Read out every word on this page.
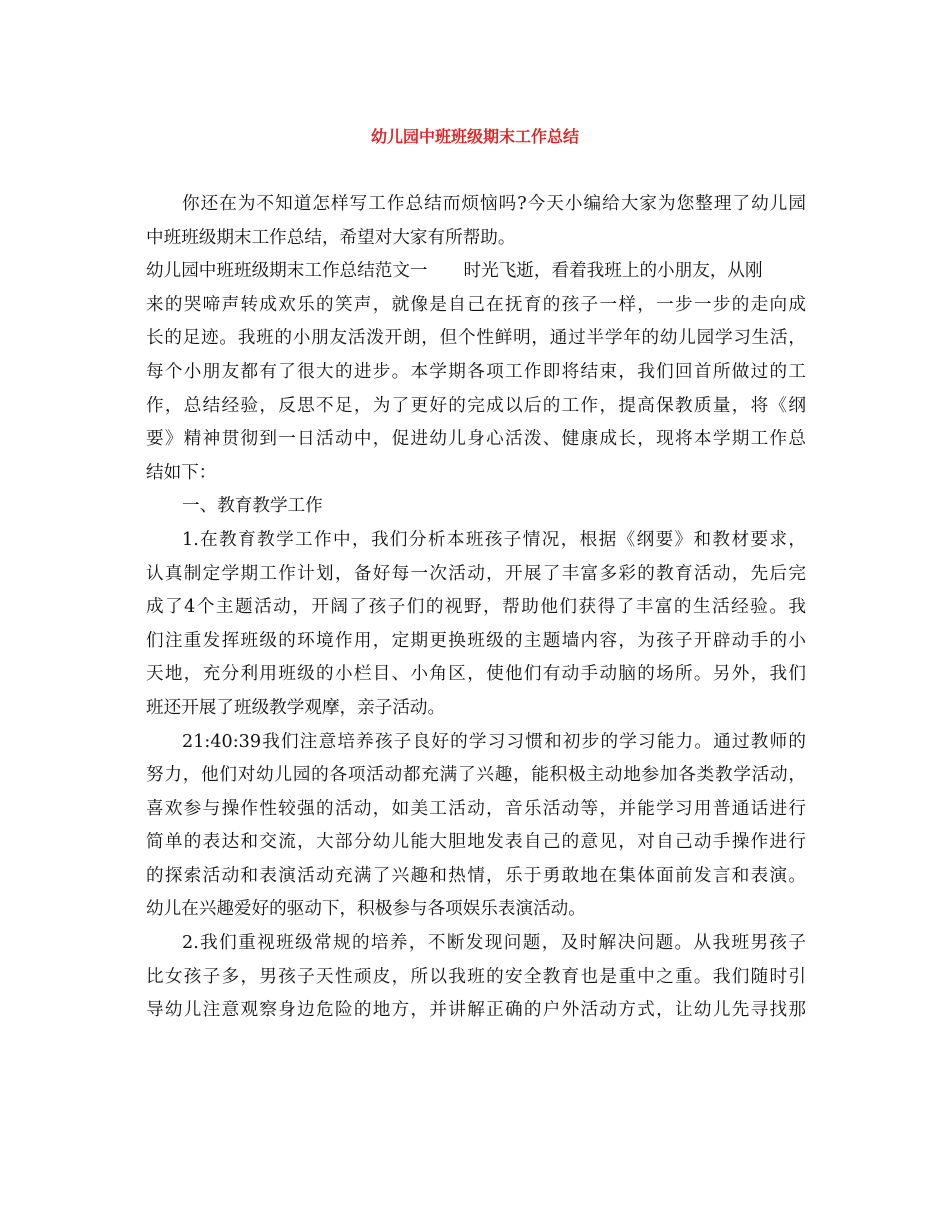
幼儿园中班班级期末工作总结
你还在为不知道怎样写工作总结而烦恼吗?今天小编给大家为您整理了幼儿园
中班班级期末工作总结，希望对大家有所帮助。
幼儿园中班班级期末工作总结范文一 时光飞逝，看着我班上的小朋友，从刚
来的哭啼声转成欢乐的笑声，就像是自己在抚育的孩子一样，一步一步的走向成
长的足迹。我班的小朋友活泼开朗，但个性鲜明，通过半学年的幼儿园学习生活，
每个小朋友都有了很大的进步。本学期各项工作即将结束，我们回首所做过的工
作，总结经验，反思不足，为了更好的完成以后的工作，提高保教质量，将《纲
要》精神贯彻到一日活动中，促进幼儿身心活泼、健康成长，现将本学期工作总
结如下：
一、教育教学工作
1.在教育教学工作中，我们分析本班孩子情况，根据《纲要》和教材要求，
认真制定学期工作计划，备好每一次活动，开展了丰富多彩的教育活动，先后完
成了4个主题活动，开阔了孩子们的视野，帮助他们获得了丰富的生活经验。我
们注重发挥班级的环境作用，定期更换班级的主题墙内容，为孩子开辟动手的小
天地，充分利用班级的小栏目、小角区，使他们有动手动脑的场所。另外，我们
班还开展了班级教学观摩，亲子活动。
21:40:39我们注意培养孩子良好的学习习惯和初步的学习能力。通过教师的
努力，他们对幼儿园的各项活动都充满了兴趣，能积极主动地参加各类教学活动，
喜欢参与操作性较强的活动，如美工活动，音乐活动等，并能学习用普通话进行
简单的表达和交流，大部分幼儿能大胆地发表自己的意见，对自己动手操作进行
的探索活动和表演活动充满了兴趣和热情，乐于勇敢地在集体面前发言和表演。
幼儿在兴趣爱好的驱动下，积极参与各项娱乐表演活动。
2.我们重视班级常规的培养，不断发现问题，及时解决问题。从我班男孩子
比女孩子多，男孩子天性顽皮，所以我班的安全教育也是重中之重。我们随时引
导幼儿注意观察身边危险的地方，并讲解正确的户外活动方式，让幼儿先寻找那
